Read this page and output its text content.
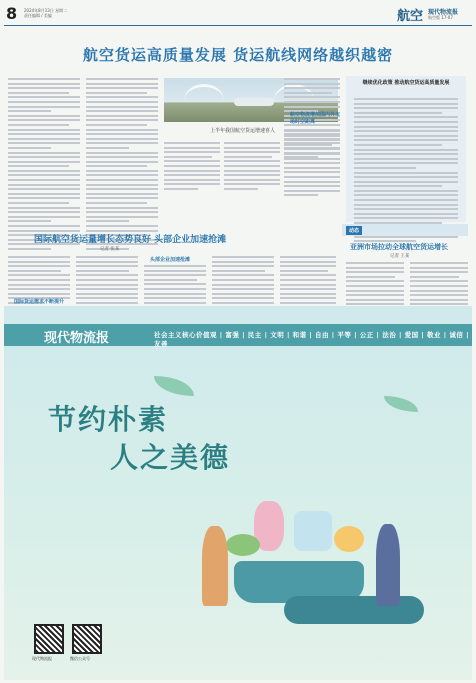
8 2024年8月13日 星期二
责任编辑 / 美编	航空 现代物流报
航空版 17-07
航空货运高质量发展 货运航线网络越织越密
上半年我国航空货运增速喜人
继续优化政策 推动航空货运高质量发展
航空物流增加国内外市场时空距离
动态
国际航空货运量增长态势良好 头部企业加速抢滩
记者 张某
国际货运需求不断提升
头部企业加速抢滩
亚洲市场拉动全球航空货运增长
记者 王某
现代物流报	社会主义核心价值观 | 富强 | 民主 | 文明 | 和谐 | 自由 | 平等 | 公正 | 法治 | 爱国 | 敬业 | 诚信 | 友善
节约朴素
人之美德
现代物流报	微信公众号
